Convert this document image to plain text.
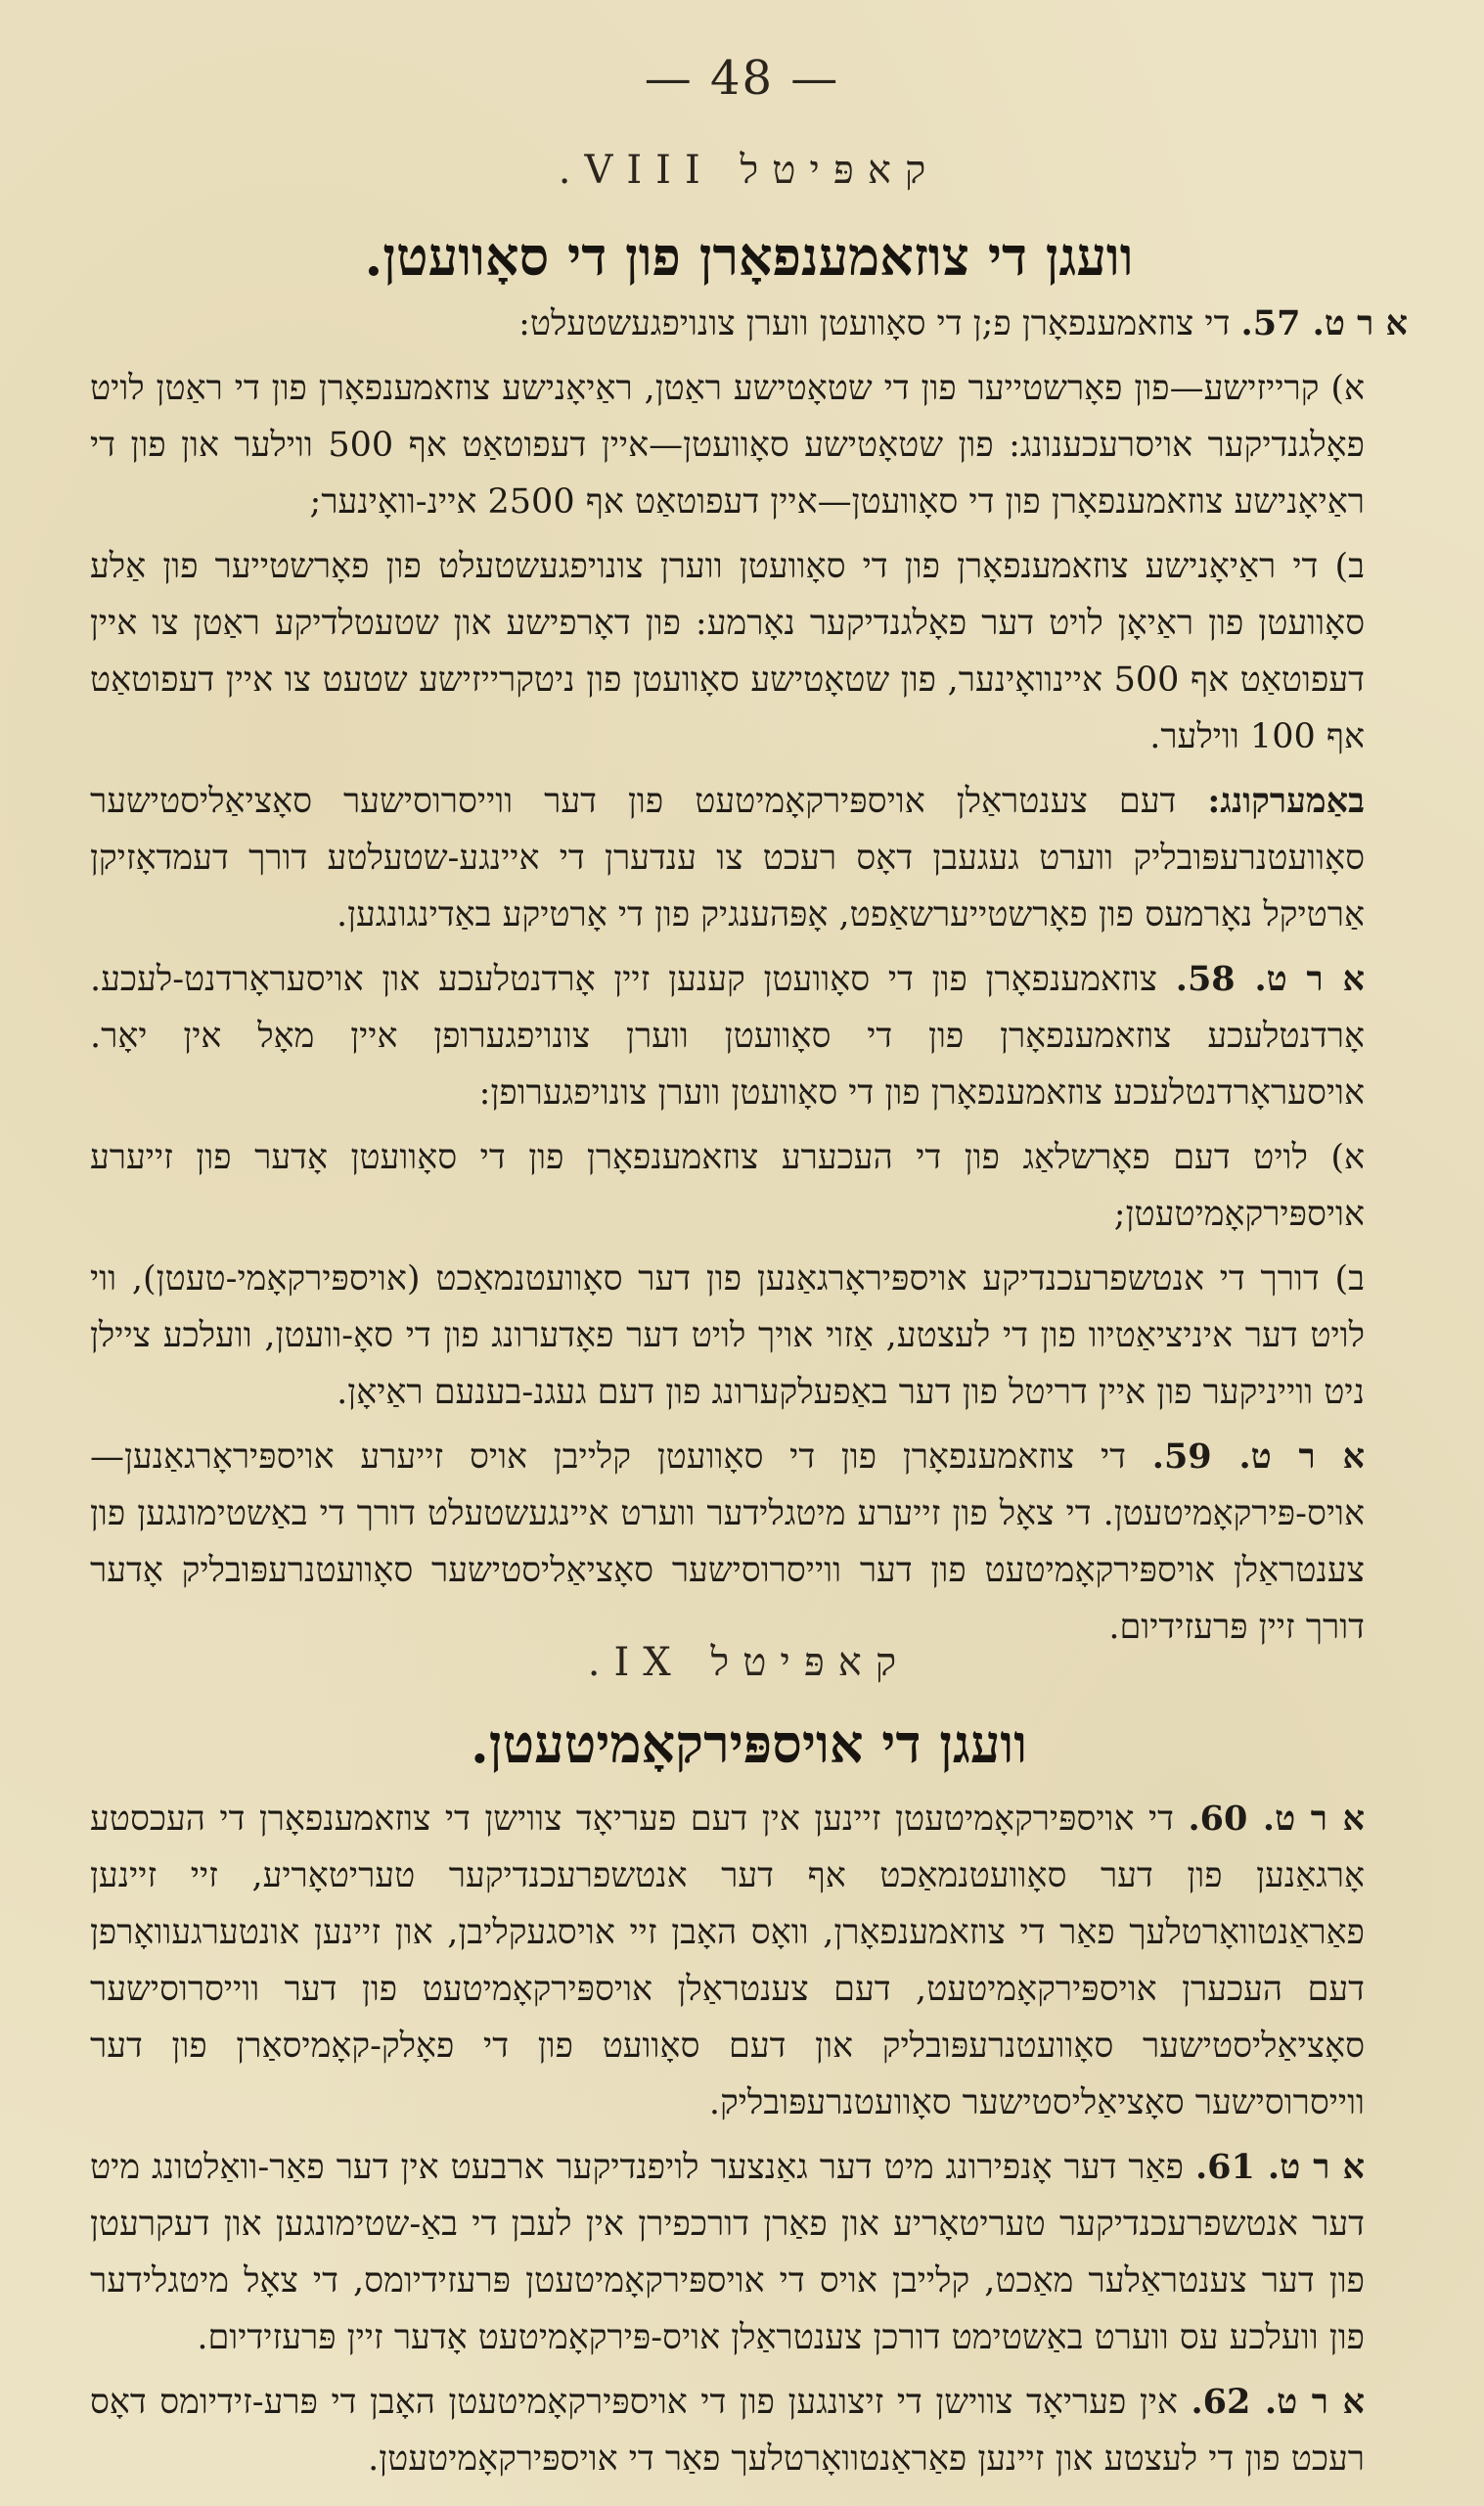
— 48 —

קאפּיטל VIII.

וועגן די צוזאמענפאָרן פון די סאָוועטן.

א ר ט. 57. די צוזאמענפאָרן פ;ן די סאָוועטן ווערן צונויפגעשטעלט:

א) קרייזישע—פון פאָרשטייער פון די שטאָטישע ראַטן, ראַיאָנישע צוזאמענפאָרן פון די ראַטן לויט פאָלגנדיקער אויסרעכענונג: פון שטאָטישע סאָוועטן—איין דעפוטאַט אף 500 ווילער און פון די ראַיאָנישע צוזאמענפאָרן פון די סאָוועטן—איין דעפוטאַט אף 2500 איינ-וואָינער;

ב) די ראַיאָנישע צוזאמענפאָרן פון די סאָוועטן ווערן צונויפגעשטעלט פון פאָרשטייער פון אַלע סאָוועטן פון ראַיאָן לויט דער פאָלגנדיקער נאָרמע: פון דאָרפישע און שטעטלדיקע ראַטן צו איין דעפוטאַט אף 500 איינוואָינער, פון שטאָטישע סאָוועטן פון ניטקרייזישע שטעט צו איין דעפוטאַט אף 100 ווילער.

באַמערקונג: דעם צענטראַלן אויספּירקאָמיטעט פון דער ווייסרוסישער סאָציאַליסטישער סאָוועטנרעפּובליק ווערט געגעבן דאָס רעכט צו ענדערן די איינגע-שטעלטע דורך דעמדאָזיקן אַרטיקל נאָרמעס פון פאָרשטייערשאַפט, אָפּהענגיק פון די אָרטיקע באַדינגונגען.

א ר ט. 58. צוזאמענפאָרן פון די סאָוועטן קענען זיין אָרדנטלעכע און אויסעראָרדנט-לעכע. אָרדנטלעכע צוזאמענפאָרן פון די סאָוועטן ווערן צונויפגערופן איין מאָל אין יאָר. אויסעראָרדנטלעכע צוזאמענפאָרן פון די סאָוועטן ווערן צונויפגערופן:

א) לויט דעם פאָרשלאַג פון די העכערע צוזאמענפאָרן פון די סאָוועטן אָדער פון זייערע אויספּירקאָמיטעטן;

ב) דורך די אנטשפרעכנדיקע אויספּיראָרגאַנען פון דער סאָוועטנמאַכט (אויספּירקאָמי-טעטן), ווי לויט דער איניציאַטיוו פון די לעצטע, אַזוי אויך לויט דער פאָדערונג פון די סאָ-וועטן, וועלכע ציילן ניט ווייניקער פון איין דריטל פון דער באַפעלקערונג פון דעם געגנ-בענעם ראַיאָן.

א ר ט. 59. די צוזאמענפאָרן פון די סאָוועטן קלייבן אויס זייערע אויספּיראָרגאַנען—אויס-פּירקאָמיטעטן. די צאָל פון זייערע מיטגלידער ווערט איינגעשטעלט דורך די באַשטימונגען פון צענטראַלן אויספּירקאָמיטעט פון דער ווייסרוסישער סאָציאַליסטישער סאָוועטנרעפּובליק אָדער דורך זיין פּרעזידיום.

קאפּיטל IX.

וועגן די אויספּירקאָמיטעטן.

א ר ט. 60. די אויספּירקאָמיטעטן זיינען אין דעם פעריאָד צווישן די צוזאמענפאָרן די העכסטע אָרגאַנען פון דער סאָוועטנמאַכט אף דער אנטשפרעכנדיקער טעריטאָריע, זיי זיינען פאַראַנטוואָרטלעך פאַר די צוזאמענפאָרן, וואָס האָבן זיי אויסגעקליבן, און זיינען אונטערגעוואָרפן דעם העכערן אויספּירקאָמיטעט, דעם צענטראַלן אויספּירקאָמיטעט פון דער ווייסרוסישער סאָציאַליסטישער סאָוועטנרעפּובליק און דעם סאָוועט פון די פאָלק-קאָמיסאַרן פון דער ווייסרוסישער סאָציאַליסטישער סאָוועטנרעפּובליק.

א ר ט. 61. פאַר דער אָנפירונג מיט דער גאַנצער לויפנדיקער ארבעט אין דער פאַר-וואַלטונג מיט דער אנטשפרעכנדיקער טעריטאָריע און פאַרן דורכפירן אין לעבן די באַ-שטימונגען און דעקרעטן פון דער צענטראַלער מאַכט, קלייבן אויס די אויספּירקאָמיטעטן פּרעזידיומס, די צאָל מיטגלידער פון וועלכע עס ווערט באַשטימט דורכן צענטראַלן אויס-פּירקאָמיטעט אָדער זיין פּרעזידיום.

א ר ט. 62. אין פעריאָד צווישן די זיצונגען פון די אויספּירקאָמיטעטן האָבן די פּרע-זידיומס דאָס רעכט פון די לעצטע און זיינען פאַראַנטוואָרטלעך פאַר די אויספּירקאָמיטעטן.
